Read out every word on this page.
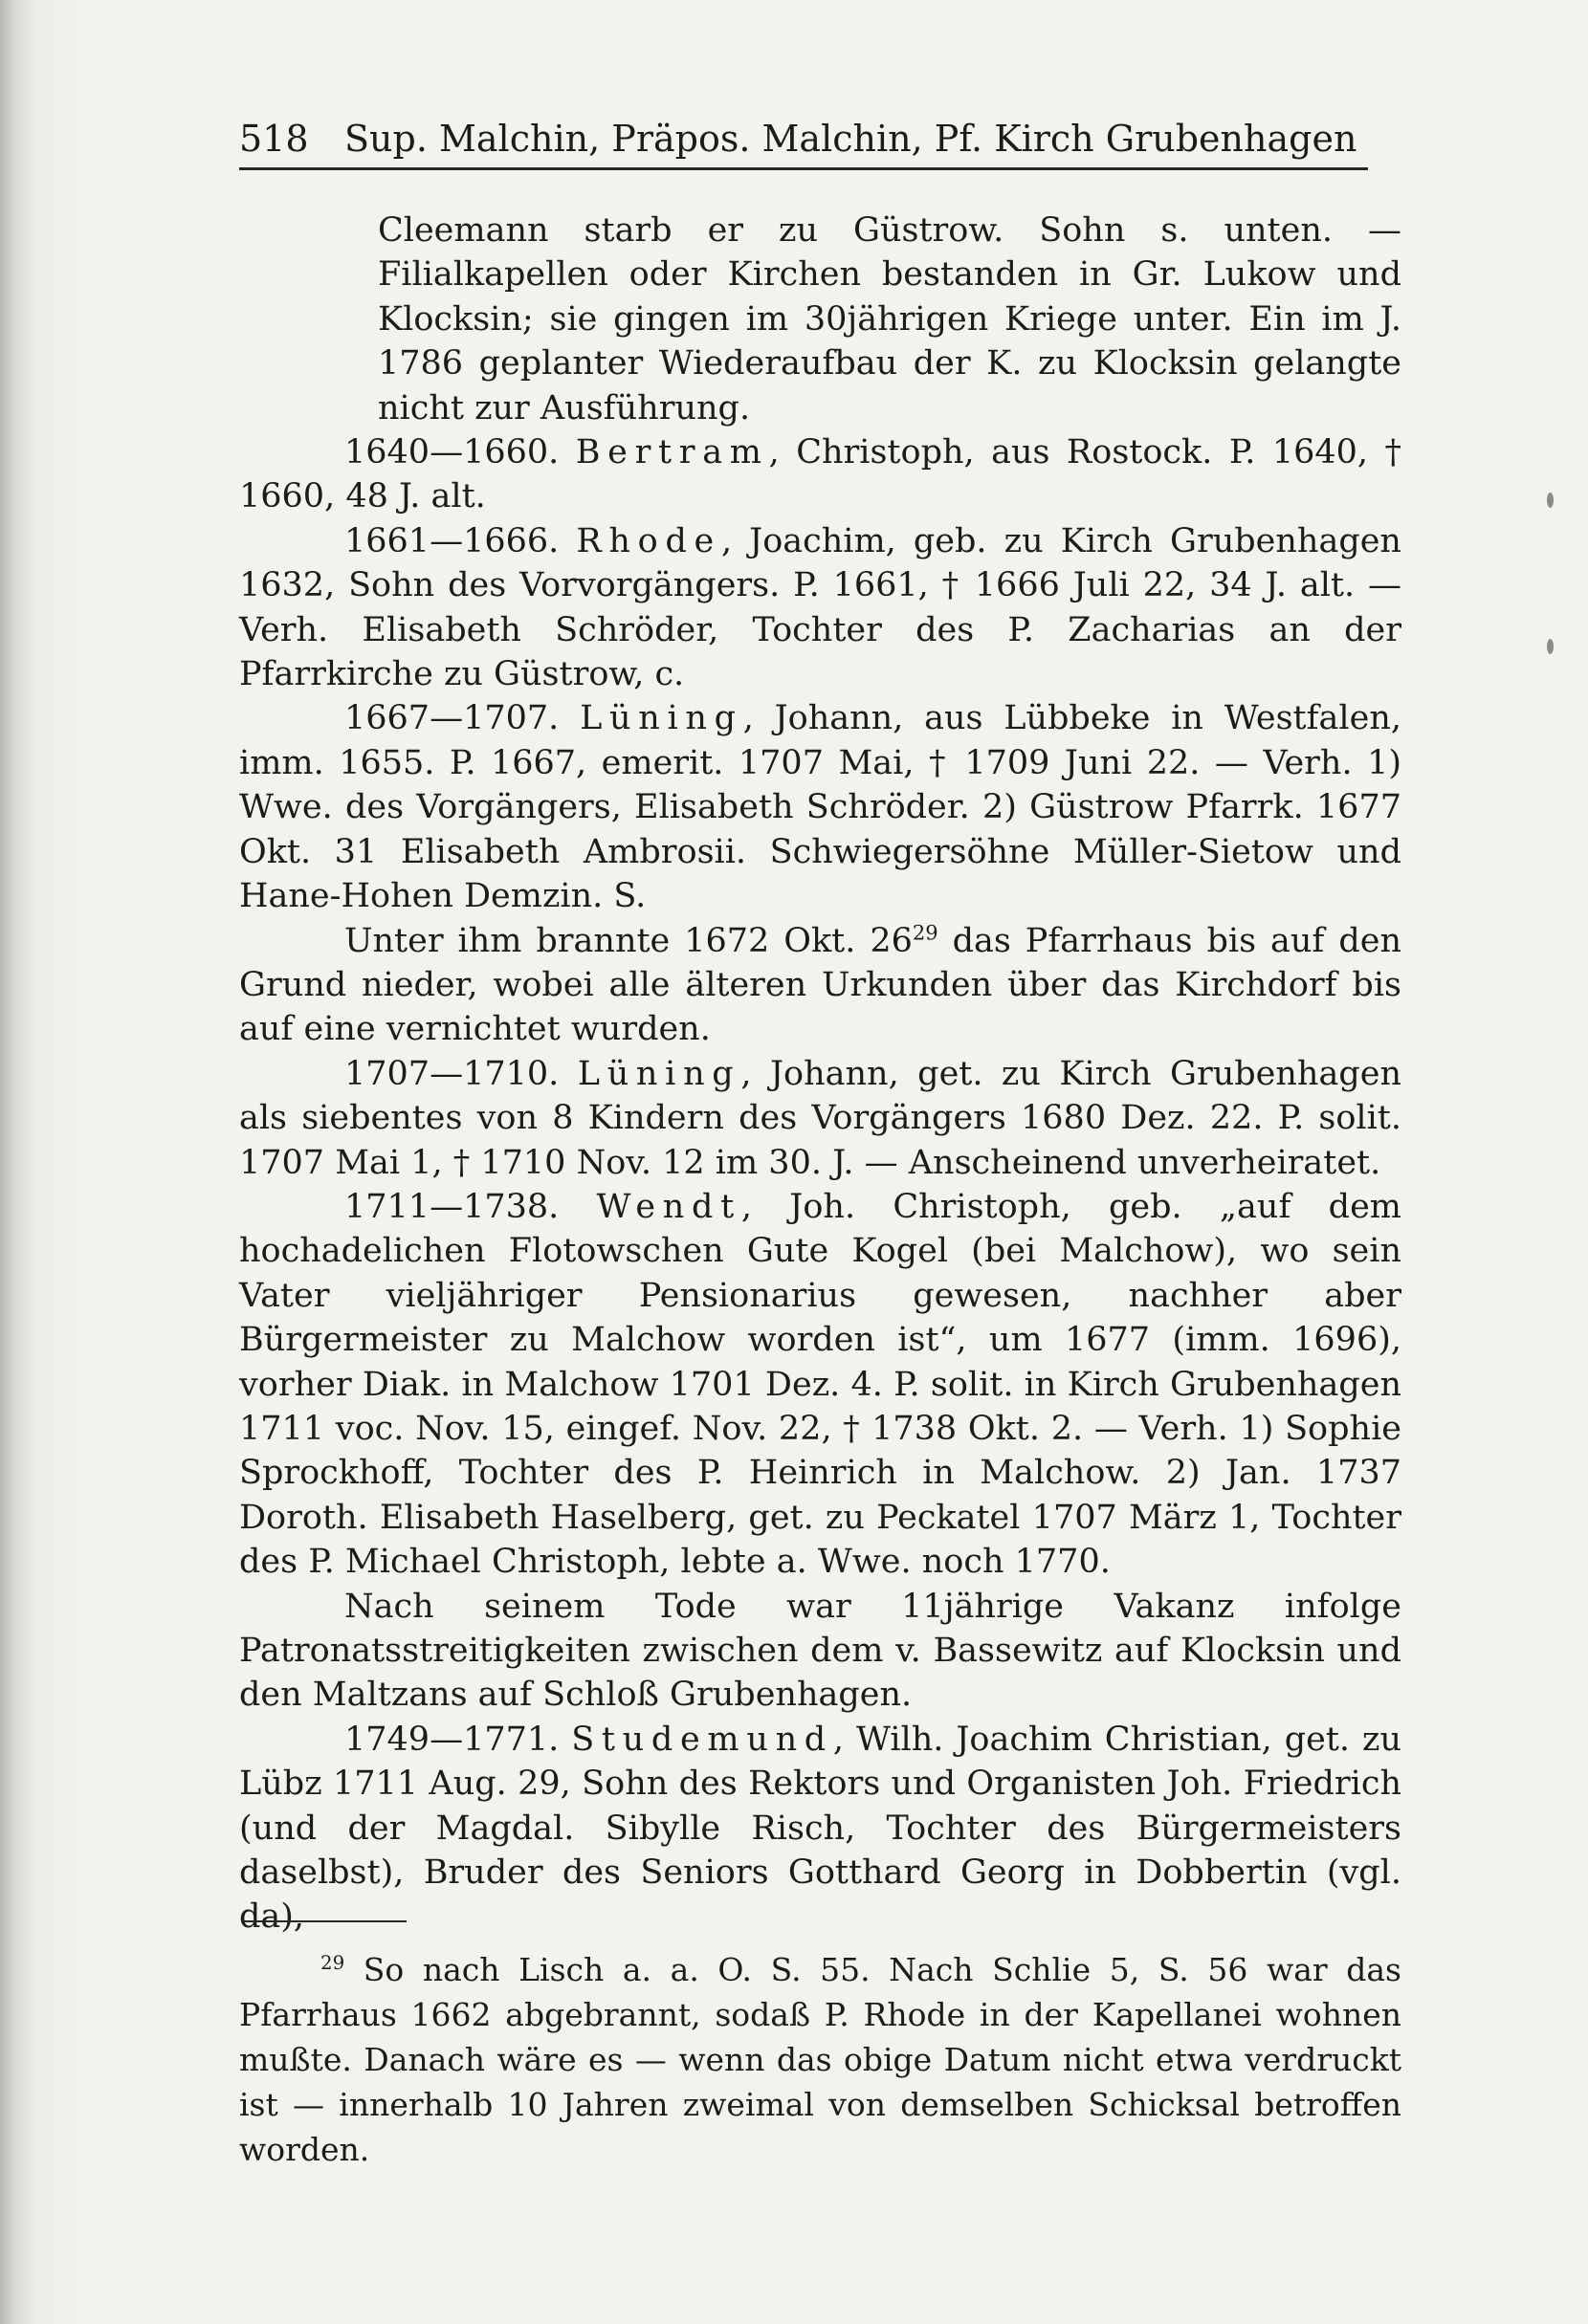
518 Sup. Malchin, Präpos. Malchin, Pf. Kirch Grubenhagen

Cleemann starb er zu Güstrow. Sohn s. unten. — Filialkapellen oder Kirchen bestanden in Gr. Lukow und Klocksin; sie gingen im 30jährigen Kriege unter. Ein im J. 1786 geplanter Wiederaufbau der K. zu Klocksin gelangte nicht zur Ausführung.

1640—1660. Bertram, Christoph, aus Rostock. P. 1640, † 1660, 48 J. alt.

1661—1666. Rhode, Joachim, geb. zu Kirch Grubenhagen 1632, Sohn des Vorvorgängers. P. 1661, † 1666 Juli 22, 34 J. alt. — Verh. Elisabeth Schröder, Tochter des P. Zacharias an der Pfarrkirche zu Güstrow, c.

1667—1707. Lüning, Johann, aus Lübbeke in Westfalen, imm. 1655. P. 1667, emerit. 1707 Mai, † 1709 Juni 22. — Verh. 1) Wwe. des Vorgängers, Elisabeth Schröder. 2) Güstrow Pfarrk. 1677 Okt. 31 Elisabeth Ambrosii. Schwiegersöhne Müller-Sietow und Hane-Hohen Demzin. S.

Unter ihm brannte 1672 Okt. $26^{29}$ das Pfarrhaus bis auf den Grund nieder, wobei alle älteren Urkunden über das Kirchdorf bis auf eine vernichtet wurden.

1707—1710. Lüning, Johann, get. zu Kirch Grubenhagen als siebentes von 8 Kindern des Vorgängers 1680 Dez. 22. P. solit. 1707 Mai 1, † 1710 Nov. 12 im 30. J. — Anscheinend unverheiratet.

1711—1738. Wendt, Joh. Christoph, geb. „auf dem hochadelichen Flotowschen Gute Kogel (bei Malchow), wo sein Vater vieljähriger Pensionarius gewesen, nachher aber Bürgermeister zu Malchow worden ist“, um 1677 (imm. 1696), vorher Diak. in Malchow 1701 Dez. 4. P. solit. in Kirch Grubenhagen 1711 voc. Nov. 15, eingef. Nov. 22, † 1738 Okt. 2. — Verh. 1) Sophie Sprockhoff, Tochter des P. Heinrich in Malchow. 2) Jan. 1737 Doroth. Elisabeth Haselberg, get. zu Peckatel 1707 März 1, Tochter des P. Michael Christoph, lebte a. Wwe. noch 1770.

Nach seinem Tode war 11jährige Vakanz infolge Patronatsstreitigkeiten zwischen dem v. Bassewitz auf Klocksin und den Maltzans auf Schloß Grubenhagen.

1749—1771. Studemund, Wilh. Joachim Christian, get. zu Lübz 1711 Aug. 29, Sohn des Rektors und Organisten Joh. Friedrich (und der Magdal. Sibylle Risch, Tochter des Bürgermeisters daselbst), Bruder des Seniors Gotthard Georg in Dobbertin (vgl. da),

$^{29}$ So nach Lisch a. a. O. S. 55. Nach Schlie 5, S. 56 war das Pfarrhaus 1662 abgebrannt, sodaß P. Rhode in der Kapellanei wohnen mußte. Danach wäre es — wenn das obige Datum nicht etwa verdruckt ist — innerhalb 10 Jahren zweimal von demselben Schicksal betroffen worden.
